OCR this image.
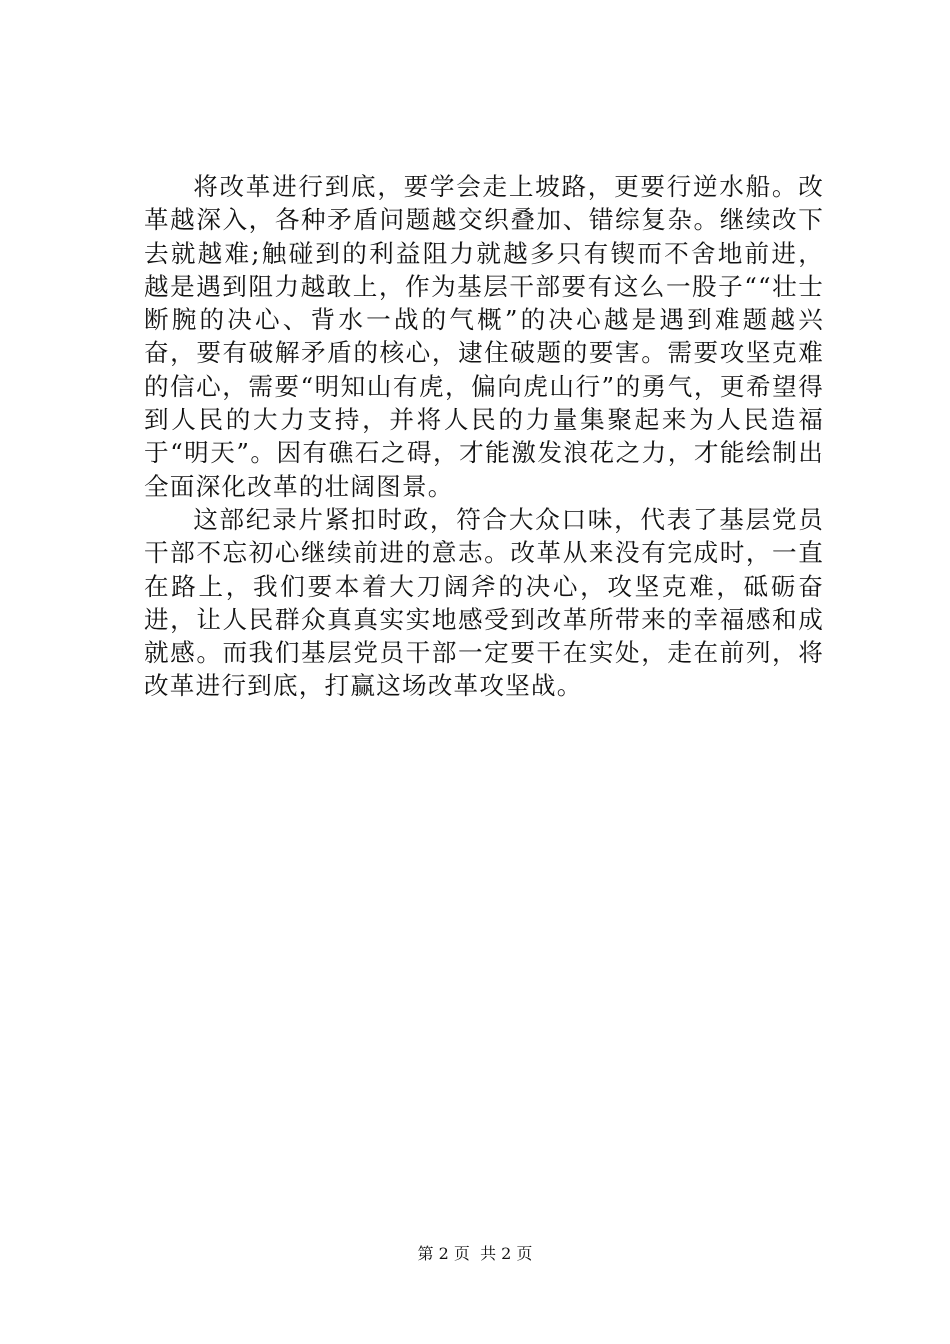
将改革进行到底，要学会走上坡路，更要行逆水船。改革越深入，各种矛盾问题越交织叠加、错综复杂。继续改下去就越难;触碰到的利益阻力就越多只有锲而不舍地前进，越是遇到阻力越敢上，作为基层干部要有这么一股子““壮士断腕的决心、背水一战的气概”的决心越是遇到难题越兴奋，要有破解矛盾的核心，逮住破题的要害。需要攻坚克难的信心，需要“明知山有虎，偏向虎山行”的勇气，更希望得到人民的大力支持，并将人民的力量集聚起来为人民造福于“明天”。因有礁石之碍，才能激发浪花之力，才能绘制出全面深化改革的壮阔图景。

这部纪录片紧扣时政，符合大众口味，代表了基层党员干部不忘初心继续前进的意志。改革从来没有完成时，一直在路上，我们要本着大刀阔斧的决心，攻坚克难，砥砺奋进，让人民群众真真实实地感受到改革所带来的幸福感和成就感。而我们基层党员干部一定要干在实处，走在前列，将改革进行到底，打赢这场改革攻坚战。

第 2 页  共 2 页
